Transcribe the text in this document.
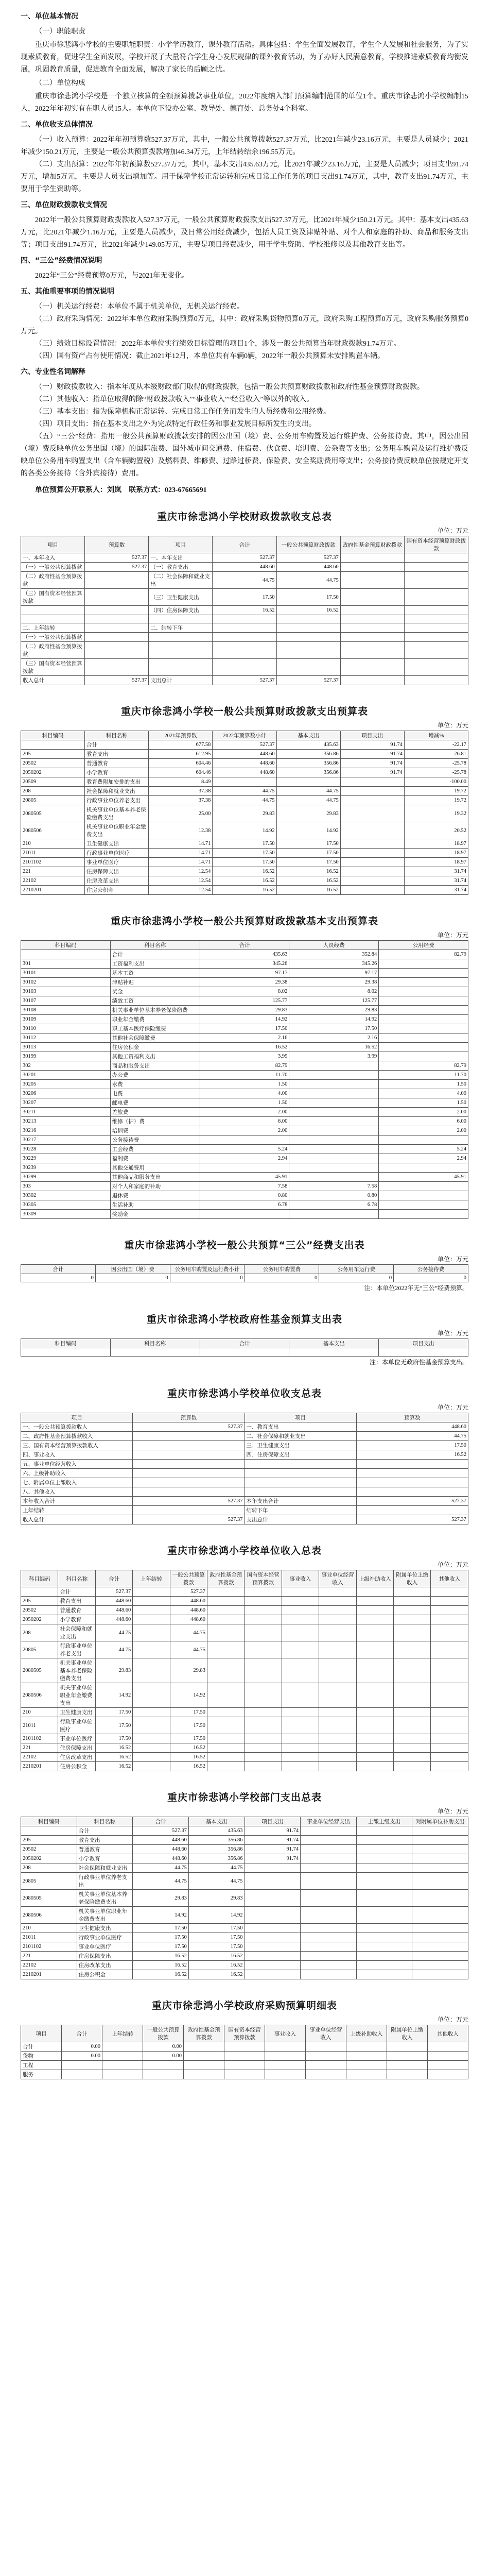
一、单位基本情况
（一）职能职责

重庆市徐悲鸿小学校的主要职能职责：小学学历教育，课外教育活动。具体包括：学生全面发展教育，学生个人发展和社会服务，为了实现素质教育，促进学生全面发展，学校开展了大量符合学生身心发展规律的课外教育活动，为了办好人民满意教育，学校推进素质教育均衡发展，巩固教育质量，促进教育全面发展，解决了家长的后顾之忧。

（二）单位构成

重庆市徐悲鸿小学校是一个独立核算的全额预算拨款事业单位，2022年度纳入部门预算编制范围的单位1个。重庆市徐悲鸿小学校编制15人，2022年年初实有在职人员15人。本单位下设办公室、教导处、德育处、总务处4个科室。

二、单位收支总体情况

（一）收入预算：2022年年初预算数527.37万元，其中，一般公共预算拨款527.37万元，比2021年减少23.16万元，主要是人员减少；2021年减少150.21万元，主要是一般公共预算拨款增加46.34万元，上年结转结余196.55万元。

（二）支出预算：2022年年初预算数527.37万元，其中，基本支出435.63万元，比2021年减少23.16万元，主要是人员减少；项目支出91.74万元，增加5万元，主要是人员支出增加等。用于保障学校正常运转和完成日常工作任务的项目支出91.74万元，其中，教育支出91.74万元，主要用于学生资助等。

三、单位财政拨款收支情况

2022年一般公共预算财政拨款收入527.37万元，一般公共预算财政拨款支出527.37万元，比2021年减少150.21万元。其中：基本支出435.63万元，比2021年减少1.16万元，主要是人员减少，及日常公用经费减少，包括人员工资及津贴补贴、对个人和家庭的补助、商品和服务支出等；项目支出91.74万元，比2021年减少149.05万元，主要是项目经费减少，用于学生资助、学校维修以及其他教育支出等。

四、“三公”经费情况说明

2022年“三公”经费预算0万元，与2021年无变化。

五、其他重要事项的情况说明

（一）机关运行经费：本单位不属于机关单位，无机关运行经费。

（二）政府采购情况：2022年本单位政府采购预算0万元，其中：政府采购货物预算0万元，政府采购工程预算0万元，政府采购服务预算0万元。

（三）绩效目标设置情况：2022年本单位实行绩效目标管理的项目1个，涉及一般公共预算当年财政拨款91.74万元。

（四）国有资产占有使用情况：截止2021年12月，本单位共有车辆0辆，2022年一般公共预算未安排购置车辆。

六、专业性名词解释

（一）财政拨款收入：指本年度从本级财政部门取得的财政拨款，包括一般公共预算财政拨款和政府性基金预算财政拨款。

（二）其他收入：指单位取得的除“财政拨款收入”“事业收入”“经营收入”等以外的收入。

（三）基本支出：指为保障机构正常运转、完成日常工作任务而发生的人员经费和公用经费。

（四）项目支出：指在基本支出之外为完成特定行政任务和事业发展目标所发生的支出。

（五）“三公”经费：指用一般公共预算财政拨款安排的因公出国（境）费、公务用车购置及运行维护费、公务接待费。其中，因公出国（境）费反映单位公务出国（境）的国际旅费、国外城市间交通费、住宿费、伙食费、培训费、公杂费等支出；公务用车购置及运行维护费反映单位公务用车购置支出（含车辆购置税）及燃料费、维修费、过路过桥费、保险费、安全奖励费用等支出；公务接待费反映单位按规定开支的各类公务接待（含外宾接待）费用。

单位预算公开联系人：刘岚　联系方式：023-67665691
重庆市徐悲鸿小学校财政拨款收支总表
单位：万元
项目	预算数	项目	合计	一般公共预算财政拨款	政府性基金预算财政拨款	国有资本经营预算财政拨款
一、本年收入	527.37	一、本年支出	527.37	527.37		
（一）一般公共预算拨款	527.37	（一）教育支出	448.60	448.60		
（二）政府性基金预算拨款		（二）社会保障和就业支出	44.75	44.75		
（三）国有资本经营预算拨款		（三）卫生健康支出	17.50	17.50		
		（四）住房保障支出	16.52	16.52		

二、上年结转		二、结转下年				
（一）一般公共预算拨款						
（二）政府性基金预算拨款						
（三）国有资本经营预算拨款						
收入总计	527.37	支出总计	527.37	527.37		
重庆市徐悲鸿小学校一般公共预算财政拨款支出预算表
单位：万元
科目编码	科目名称	2021年预算数	2022年预算数小计	基本支出	项目支出	增减%
	合计	677.58	527.37	435.63	91.74	-22.17
205	教育支出	612.95	448.60	356.86	91.74	-26.81
20502	普通教育	604.46	448.60	356.86	91.74	-25.78
2050202	小学教育	604.46	448.60	356.86	91.74	-25.78
20509	教育费附加安排的支出	8.49				-100.00
208	社会保障和就业支出	37.38	44.75	44.75		19.72
20805	行政事业单位养老支出	37.38	44.75	44.75		19.72
2080505	机关事业单位基本养老保险缴费支出	25.00	29.83	29.83		19.32
2080506	机关事业单位职业年金缴费支出	12.38	14.92	14.92		20.52
210	卫生健康支出	14.71	17.50	17.50		18.97
21011	行政事业单位医疗	14.71	17.50	17.50		18.97
2101102	事业单位医疗	14.71	17.50	17.50		18.97
221	住房保障支出	12.54	16.52	16.52		31.74
22102	住房改革支出	12.54	16.52	16.52		31.74
2210201	住房公积金	12.54	16.52	16.52		31.74
重庆市徐悲鸿小学校一般公共预算财政拨款基本支出预算表
单位：万元
科目编码	科目名称	合计	人员经费	公用经费
	合计	435.63	352.84	82.79
301	工资福利支出	345.26	345.26	
30101	基本工资	97.17	97.17	
30102	津贴补贴	29.38	29.38	
30103	奖金	8.02	8.02	
30107	绩效工资	125.77	125.77	
30108	机关事业单位基本养老保险缴费	29.83	29.83	
30109	职业年金缴费	14.92	14.92	
30110	职工基本医疗保险缴费	17.50	17.50	
30112	其他社会保障缴费	2.16	2.16	
30113	住房公积金	16.52	16.52	
30199	其他工资福利支出	3.99	3.99	
302	商品和服务支出	82.79		82.79
30201	办公费	11.70		11.70
30205	水费	1.50		1.50
30206	电费	4.00		4.00
30207	邮电费	1.50		1.50
30211	差旅费	2.00		2.00
30213	维修（护）费	6.00		6.00
30216	培训费	2.00		2.00
30217	公务接待费			
30228	工会经费	5.24		5.24
30229	福利费	2.94		2.94
30239	其他交通费用			
30299	其他商品和服务支出	45.91		45.91
303	对个人和家庭的补助	7.58	7.58	
30302	退休费	0.80	0.80	
30305	生活补助	6.78	6.78	
30309	奖励金			
重庆市徐悲鸿小学校一般公共预算“三公”经费支出表
单位：万元
合计	因公出国（境）费	公务用车购置及运行费小计	公务用车购置费	公务用车运行费	公务接待费
0	0	0	0	0	0
注：本单位2022年无“三公”经费预算。
重庆市徐悲鸿小学校政府性基金预算支出表
单位：万元
科目编码	科目名称	合计	基本支出	项目支出

注：本单位无政府性基金预算支出。
重庆市徐悲鸿小学校单位收支总表
单位：万元
项目	预算数	项目	预算数
一、一般公共预算拨款收入	527.37	一、教育支出	448.60
二、政府性基金预算拨款收入		二、社会保障和就业支出	44.75
三、国有资本经营预算拨款收入		三、卫生健康支出	17.50
四、事业收入		四、住房保障支出	16.52
五、事业单位经营收入			
六、上级补助收入			
七、附属单位上缴收入			
八、其他收入			
本年收入合计	527.37	本年支出合计	527.37
上年结转		结转下年	
收入总计	527.37	支出总计	527.37
重庆市徐悲鸿小学校单位收入总表
单位：万元
科目编码	科目名称	合计	上年结转	一般公共预算拨款	政府性基金预算拨款	国有资本经营预算拨款	事业收入	事业单位经营收入	上级补助收入	附属单位上缴收入	其他收入
	合计	527.37		527.37							
205	教育支出	448.60		448.60							
20502	普通教育	448.60		448.60							
2050202	小学教育	448.60		448.60							
208	社会保障和就业支出	44.75		44.75							
20805	行政事业单位养老支出	44.75		44.75							
2080505	机关事业单位基本养老保险缴费支出	29.83		29.83							
2080506	机关事业单位职业年金缴费支出	14.92		14.92							
210	卫生健康支出	17.50		17.50							
21011	行政事业单位医疗	17.50		17.50							
2101102	事业单位医疗	17.50		17.50							
221	住房保障支出	16.52		16.52							
22102	住房改革支出	16.52		16.52							
2210201	住房公积金	16.52		16.52							
重庆市徐悲鸿小学校部门支出总表
单位：万元
科目编码	科目名称	合计	基本支出	项目支出	事业单位经营支出	上缴上级支出	对附属单位补助支出
	合计	527.37	435.63	91.74			
205	教育支出	448.60	356.86	91.74			
20502	普通教育	448.60	356.86	91.74			
2050202	小学教育	448.60	356.86	91.74			
208	社会保障和就业支出	44.75	44.75				
20805	行政事业单位养老支出	44.75	44.75				
2080505	机关事业单位基本养老保险缴费支出	29.83	29.83				
2080506	机关事业单位职业年金缴费支出	14.92	14.92				
210	卫生健康支出	17.50	17.50				
21011	行政事业单位医疗	17.50	17.50				
2101102	事业单位医疗	17.50	17.50				
221	住房保障支出	16.52	16.52				
22102	住房改革支出	16.52	16.52				
2210201	住房公积金	16.52	16.52				
重庆市徐悲鸿小学校政府采购预算明细表
单位：万元
项目	合计	上年结转	一般公共预算拨款	政府性基金预算拨款	国有资本经营预算拨款	事业收入	事业单位经营收入	上级补助收入	附属单位上缴收入	其他收入
合计	0.00		0.00							
货物	0.00		0.00							
工程										
服务										
